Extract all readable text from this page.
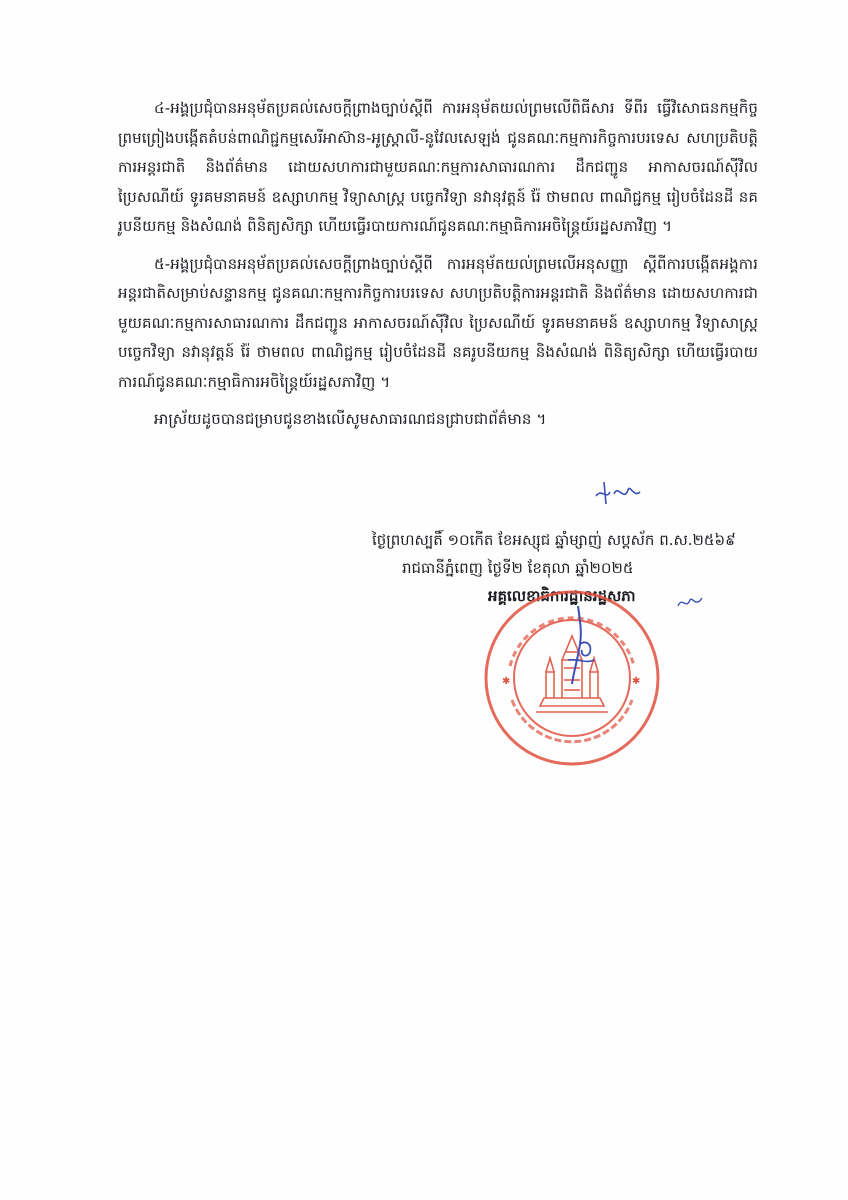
៤-អង្គប្រជុំបានអនុម័តប្រគល់សេចក្ដីព្រាងច្បាប់ស្ដីពី ការអនុម័តយល់ព្រមលើពិធីសារ ទីពីរ ធ្វើវិសោធនកម្មកិច្ចព្រមព្រៀងបង្កើតតំបន់ពាណិជ្ជកម្មសេរីអាស៊ាន-អូស្ត្រាលី-នូវែលសេឡង់ ជូនគណៈកម្មការកិច្ចការបរទេស សហប្រតិបត្តិការអន្តរជាតិ និងព័ត៌មាន ដោយសហការជាមួយគណៈកម្មការសាធារណការ ដឹកជញ្ជូន អាកាសចរណ៍ស៊ីវិល ប្រៃសណីយ៍ ទូរគមនាគមន៍ ឧស្សាហកម្ម វិទ្យាសាស្ត្រ បច្ចេកវិទ្យា នវានុវត្តន៍ រ៉ែ ថាមពល ពាណិជ្ជកម្ម រៀបចំដែនដី នគរូបនីយកម្ម និងសំណង់ ពិនិត្យសិក្សា ហើយធ្វើរបាយការណ៍ជូនគណៈកម្មាធិការអចិន្ត្រៃយ៍រដ្ឋសភាវិញ ។

៥-អង្គប្រជុំបានអនុម័តប្រគល់សេចក្ដីព្រាងច្បាប់ស្ដីពី ការអនុម័តយល់ព្រមលើអនុសញ្ញា ស្ដីពីការបង្កើតអង្គការអន្តរជាតិសម្រាប់សន្ទានកម្ម ជូនគណៈកម្មការកិច្ចការបរទេស សហប្រតិបត្តិការអន្តរជាតិ និងព័ត៌មាន ដោយសហការជាមួយគណៈកម្មការសាធារណការ ដឹកជញ្ជូន អាកាសចរណ៍ស៊ីវិល ប្រៃសណីយ៍ ទូរគមនាគមន៍ ឧស្សាហកម្ម វិទ្យាសាស្ត្រ បច្ចេកវិទ្យា នវានុវត្តន៍ រ៉ែ ថាមពល ពាណិជ្ជកម្ម រៀបចំដែនដី នគរូបនីយកម្ម និងសំណង់ ពិនិត្យសិក្សា ហើយធ្វើរបាយការណ៍ជូនគណៈកម្មាធិការអចិន្ត្រៃយ៍រដ្ឋសភាវិញ ។

អាស្រ័យដូចបានជម្រាបជូនខាងលើសូមសាធារណជនជ្រាបជាព័ត៌មាន ។

ថ្ងៃព្រហស្បតិ៍ ១០កើត ខែអស្សុជ ឆ្នាំម្សាញ់ សប្តស័ក ព.ស.២៥៦៩
រាជធានីភ្នំពេញ ថ្ងៃទី២ ខែតុលា ឆ្នាំ២០២៥
អគ្គលេខាធិការដ្ឋានរដ្ឋសភា
✱	✱
